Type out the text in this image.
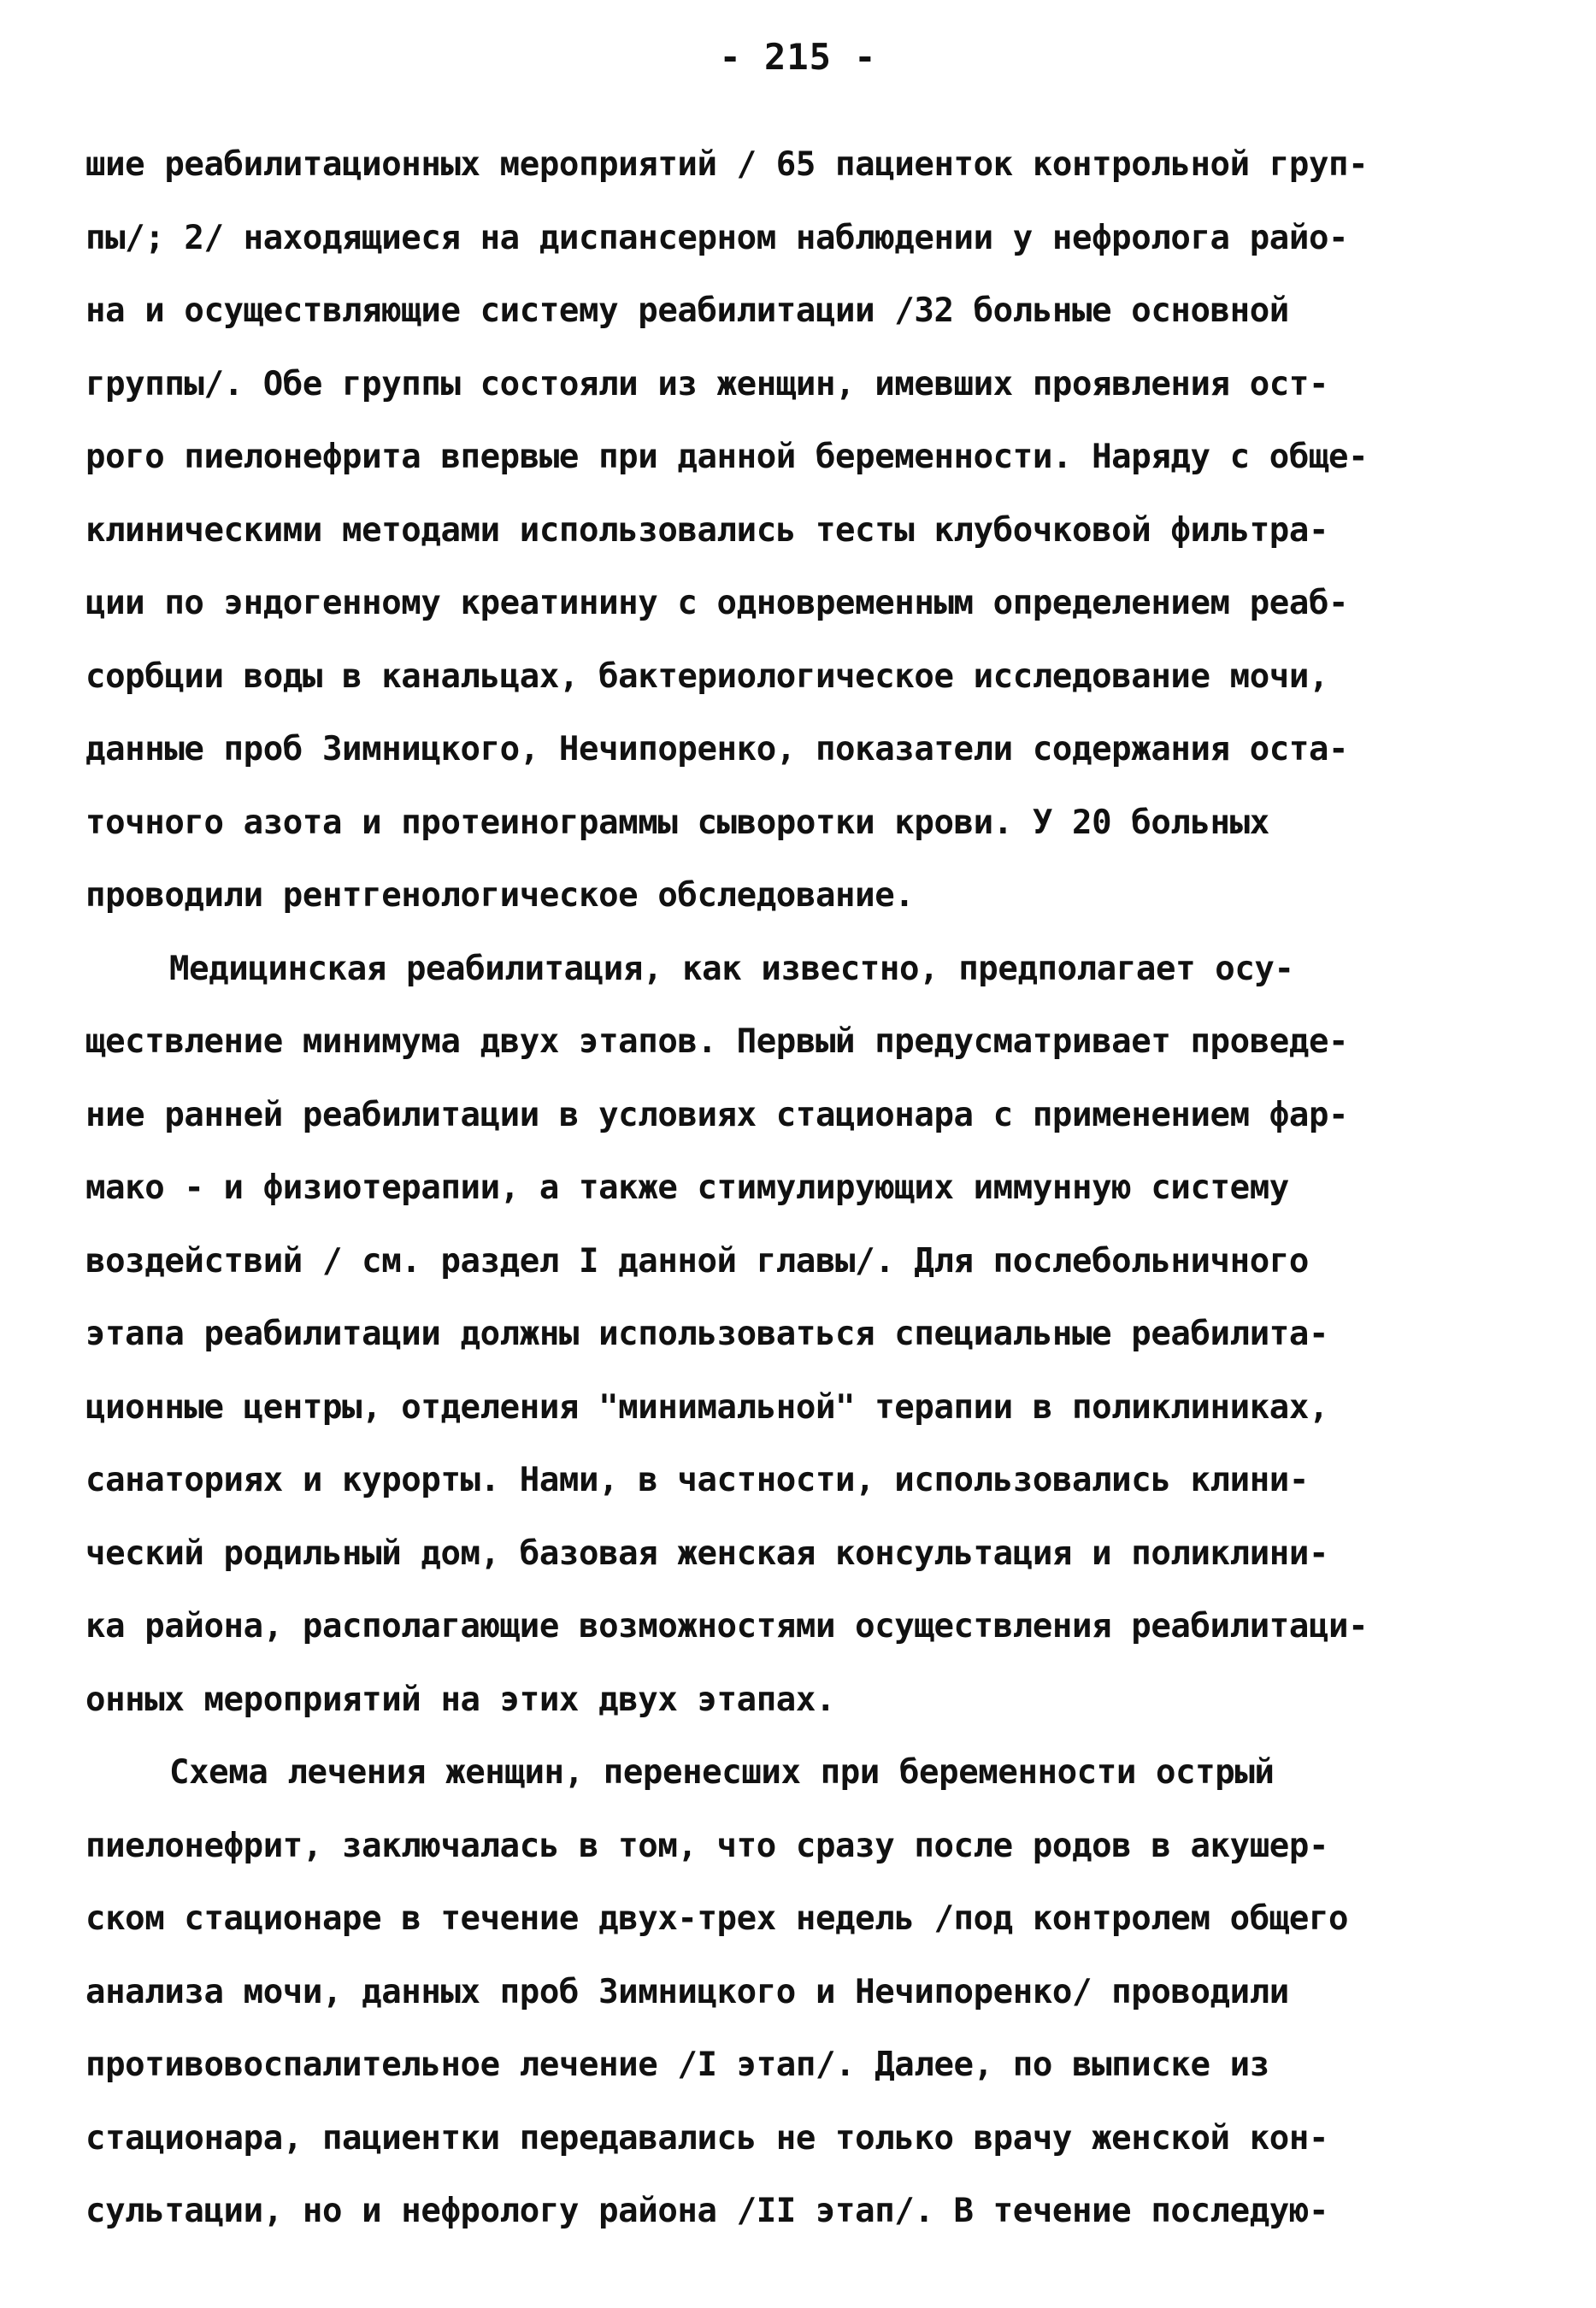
- 215 -
шие реабилитационных мероприятий / 65 пациенток контрольной груп-
пы/; 2/ находящиеся на диспансерном наблюдении у нефролога райо-
на и осуществляющие систему реабилитации /32 больные основной
группы/. Обе группы состояли из женщин, имевших проявления ост-
рого пиелонефрита впервые при данной беременности. Наряду с обще-
клиническими методами использовались тесты клубочковой фильтра-
ции по эндогенному креатинину с одновременным определением реаб-
сорбции воды в канальцах, бактериологическое исследование мочи,
данные проб Зимницкого, Нечипоренко, показатели содержания оста-
точного азота и протеинограммы сыворотки крови. У 20 больных
проводили рентгенологическое обследование.
Медицинская реабилитация, как известно, предполагает осу-
ществление минимума двух этапов. Первый предусматривает проведе-
ние ранней реабилитации в условиях стационара с применением фар-
мако - и физиотерапии, а также стимулирующих иммунную систему
воздействий / см. раздел I данной главы/. Для послебольничного
этапа реабилитации должны использоваться специальные реабилита-
ционные центры, отделения "минимальной" терапии в поликлиниках,
санаториях и курорты. Нами, в частности, использовались клини-
ческий родильный дом, базовая женская консультация и поликлини-
ка района, располагающие возможностями осуществления реабилитаци-
онных мероприятий на этих двух этапах.
Схема лечения женщин, перенесших при беременности острый
пиелонефрит, заключалась в том, что сразу после родов в акушер-
ском стационаре в течение двух-трех недель /под контролем общего
анализа мочи, данных проб Зимницкого и Нечипоренко/ проводили
противовоспалительное лечение /I этап/. Далее, по выписке из
стационара, пациентки передавались не только врачу женской кон-
сультации, но и нефрологу района /II этап/. В течение последую-
